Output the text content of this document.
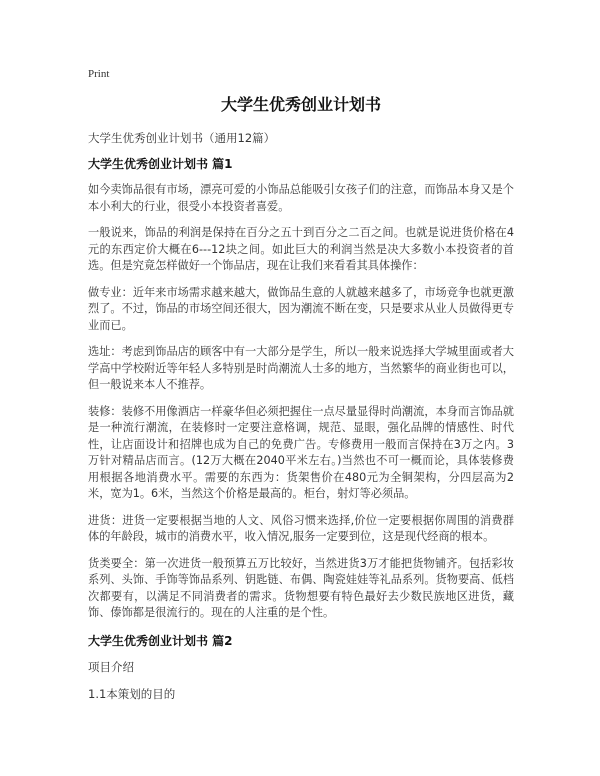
Print
大学生优秀创业计划书
大学生优秀创业计划书（通用12篇）
大学生优秀创业计划书 篇1

如今卖饰品很有市场，漂亮可爱的小饰品总能吸引女孩子们的注意，而饰品本身又是个本小利大的行业，很受小本投资者喜爱。

一般说来，饰品的利润是保持在百分之五十到百分之二百之间。也就是说进货价格在4元的东西定价大概在6---12块之间。如此巨大的利润当然是决大多数小本投资者的首选。但是究竟怎样做好一个饰品店，现在让我们来看看其具体操作：

做专业：近年来市场需求越来越大，做饰品生意的人就越来越多了，市场竞争也就更激烈了。不过，饰品的市场空间还很大，因为潮流不断在变，只是要求从业人员做得更专业而已。

选址：考虑到饰品店的顾客中有一大部分是学生，所以一般来说选择大学城里面或者大学高中学校附近等年轻人多特别是时尚潮流人士多的地方，当然繁华的商业街也可以，但一般说来本人不推荐。

装修：装修不用像酒店一样豪华但必须把握住一点尽量显得时尚潮流，本身而言饰品就是一种流行潮流，在装修时一定要注意格调，规范、显眼，强化品牌的情感性、时代性，让店面设计和招牌也成为自己的免费广告。专修费用一般而言保持在3万之内。3万针对精品店而言。(12万大概在2040平米左右。)当然也不可一概而论，具体装修费用根据各地消费水平。需要的东西为：货架售价在480元为全铜架构，分四层高为2米，宽为1。6米，当然这个价格是最高的。柜台，射灯等必须品。

进货：进货一定要根据当地的人文、风俗习惯来选择,价位一定要根据你周围的消费群体的年龄段，城市的消费水平，收入情况,服务一定要到位，这是现代经商的根本。

货类要全：第一次进货一般预算五万比较好，当然进货3万才能把货物铺齐。包括彩妆系列、头饰、手饰等饰品系列、钥匙链、布偶、陶瓷娃娃等礼品系列。货物要高、低档次都要有，以满足不同消费者的需求。货物想要有特色最好去少数民族地区进货，藏饰、傣饰都是很流行的。现在的人注重的是个性。

大学生优秀创业计划书 篇2
项目介绍
1.1本策划的目的
